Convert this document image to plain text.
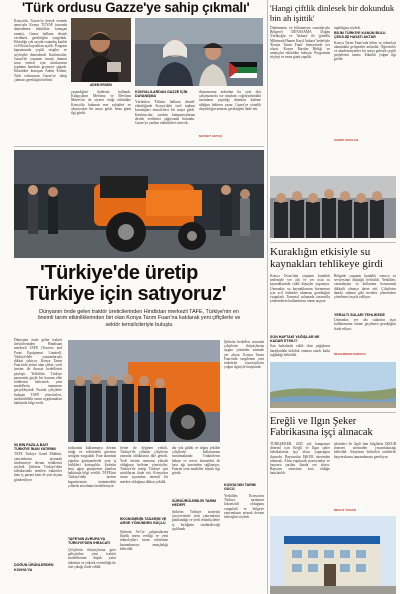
'Türk ordusu Gazze'ye sahip çıkmalı'
Konya'da, 'Gazze'ye destek vermek amacıyla Konya TÜYAP fuarında düzenlenen etkinlikte konuşan sanatçı, Gazze halkına destek verilmesi gerektiğini vurguladı. Etkinliğe çok sayıda vatandaş katıldı ve Filistin bayrakları açıldı. Program kapsamında çeşitli sergiler ve söyleşiler düzenlendi. Katılımcılar, Gazze'de yaşanan insani dramın sona ermesi için uluslararası toplumu harekete geçmeye çağırdı. Etkinlikte konuşan Adem Erdem, Türk ordusunun Gazze'ye sahip çıkması gerektiğini belirtti.
ADEM ERDEM
yaşandığını' ifadesini kullandı. Kitapçıların Mevlana ve Mevlana Müzesi'ni de ziyaret ettiği etkinlikte Konya'da bulunan eser sahipleri ve okuyucular bir araya geldi. İmza günü ilgi gördü.
KONYALILARDAN GAZZE İÇİN DAYANIŞMA
Yürütülen 'Filistin halkına destek' etkinliğinde Konya'daki sivil toplum kuruluşları temsilcileri bir araya geldi. Katılımcılar, yardım kampanyalarına destek verilmesi çağrısında bulundu. Gazze'ye yardım etkinlikleri sürecek.
duyurmanın ardından bu yeni dizi çalışmasında ise mazlum coğrafyalardaki insanların yaşadığı dramları kaleme aldığını belirten yazar, Gazze'ye yönelik duyarlılığın artması gerektiğini ifade etti.
ŞEVKET AKTAŞ
'Türkiye'de üretip
Türkiye için satıyoruz'
Dünyanın önde gelen traktör üreticilerinden Hindistan merkezli TAFE, Türkiye'nin en önemli tarım etkinliklerinden biri olan Konya Tarım Fuarı'na katılarak yeni çiftçilerle ve sektör temsilcileriyle buluştu
Dünyanın önde gelen traktör üreticilerinden Hindistan merkezli TAFE (Tractors and Farm Equipment Limited), Türkiye'deki yatırımlarıyla dikkat çekiyor. Konya Tarım Fuarı'nda yerini alan şirket, yerli üretim ile ihracat hedeflerini paylaştı. Yetkililer, Türkiye pazarında güçlü bir konum elde ettiklerini belirterek yeni modellerin tanıtımını gerçekleştirdi. Fuarda çiftçilerle buluşan TAFE yöneticileri, sürdürülebilir tarım uygulamaları hakkında bilgi verdi.
50 BİN PAZILA BAYİ TÜRKİYE İNAN YATIRIMI
TAFE Türkiye Genel Müdürü, yatırımlarını artırarak sürdürmeye devam ettiklerini söyledi. Şirketin Türkiye'deki fabrikasında üretilen traktörler hem iç pazara hem de yurt dışına gönderiliyor.
DOĞUN ÜRÜNLERDEN KONYA'YA
tarlasında kullanmaya devam ettiği ve sektördeki güvenin arttığını vurguladı. Fuar alanında yapılan görüşmelerde yeni iş birlikleri konuşuldu. Şirketin bayi ağını genişletme planları hakkında bilgi verildi. TAFE'nin Türkiye'deki üretim kapasitesinin önümüzdeki yıllarda artırılması hedefleniyor.
TAFE'NIN AVRUPA'YA TÜRKIYE'DEN IHRACATI
Çiftçilerin ihtiyaçlarına göre geliştirilen yeni traktör modellerinin düşük yakıt tüketimi ve yüksek verimliliği ile öne çıktığı ifade edildi.
lerine de değinen yetkili, Türkiye'de yıllardır çiftçilerin yanında olduklarını dile getirdi. Yerli üretim oranının yüksek olduğunu belirten yöneticiler, Türkiye'de üretip Türkiye için sattıklarını ifade etti. Konya'nın tarım açısından önemli bir merkez olduğuna dikkat çekildi.
EKONOMİNİN TASARIM VE ARGE YÖNÜNDEN GÜÇLÜ
Şirketin Ar-Ge çalışmalarına büyük önem verdiği ve yeni teknolojileri tarım sektörüne kazandırmayı amaçladığı belirtildi.
dar yüz güldü ve doğru şekilde çiftçilerin kullanımına sunulmaktadır. Traktörlerin bakım ve servis hizmetleri de bayi ağı üzerinden sağlanıyor. Fuarda yeni modeller büyük ilgi gördü.
SÜRDÜRÜLEBİLİR TARIM HEDEFİ
Şirketin Türkiye stratejisi çerçevesinde yeni yatırımların planlandığı ve yerli tedarikçilerle iş birliğinin sürdürüleceği açıklandı.
Şirketin hedefleri arasında çiftçilerin ihtiyaçlarına uygun çözümler sunmak yer alıyor. Konya Tarım Fuarı'nda sergilenen yeni traktörler ziyaretçilerin yoğun ilgisiyle karşılandı.
KONYA'NIN TARIM GÜCÜ
Yetkililer, Konya'nın Türkiye tarımının lokomotifi olduğunu vurguladı ve bölgeye yatırımların artarak devam edeceğini söyledi.
'Hangi çiftlik dinlesek bir dokunduk bin ah işittik'
Dinlemenin ve bilinmeyen vasıtalarıyla Bölgesel DENASAMA Doğan Yürükoğlu ve 'Ankara' ile 'gönüllü Mihrimah Hanım Kaşif Ankara' hedefiyle 'Konya Tarım Fuarı' bünyesinde yer alıyor. Konya Barolar Birliği ve sanatçılar etkinlikte buluştu. Programda söyleşi ve imza günü yapıldı.
tapıldığını söyledi.
BİLİM TÜRKİYE KANUN BULU ÇEKİLİŞİ HAYATI AKTAR
Konya Tarım Fuarı'nda bilim ve teknoloji alanındaki gelişmeler anlatıldı. Öğrenciler ve akademisyenler bir araya gelerek çeşitli projelerini tanıttı. Etkinlik yoğun ilgi gördü.
AHMET ARSLAN
Kuraklığın etkisiyle su kaynakları tehlikeye girdi
Konya Ovası'nda yaşanan kuraklık nedeniyle yer altı ve yer üstü su kaynaklarında ciddi düşüşler yaşanıyor. Uzmanlar, su kaynaklarının korunması için acil önlemler alınması gerektiğini vurguladı. Tarımsal sulamada tasarruflu yöntemlerin kullanılması önem taşıyor.
SON HAFTAKİ YAĞIŞLAR NE KADAR ETKİLİ?
Son haftalarda etkili olan yağışların barajlardaki doluluk oranına sınırlı katkı sağladığı belirtildi.
Bölgede yaşanan kuraklık sonucu su seviyesinin düştüğü belirtildi. Yetkililer, vatandaşları su kullanımı konusunda dikkatli olmaya davet etti. Çiftçilerin damla sulama gibi modern yöntemlere yönelmesi teşvik ediliyor.
YERALTI SULARI TEHLİKEDE
Uzmanlar, yer altı sularının aşırı kullanımının önüne geçilmesi gerektiğini ifade ediyor.
MUHARREM DURSUN
Ereğli ve Ilgın Şeker Fabrikasına işçi alınacak
TÜRKŞEKER, 2025 yılı kampanya dönemi için Ereğli ve Ilgın şeker fabrikalarına işçi alımı yapacağını duyurdu. Başvurular İŞKUR üzerinden alınacak. Alım yapılacak pozisyonlar ve başvuru şartları ilanda yer alıyor. Başvuru süresinin kısa olduğu hatırlatıldı.
işlemleri ile ilgili tüm bilgilerin İŞKUR internet sitesinden yayımlanacağı belirtildi. Adayların belirtilen tarihlerde başvurularını tamamlaması gerekiyor.
MESUT TURAN
